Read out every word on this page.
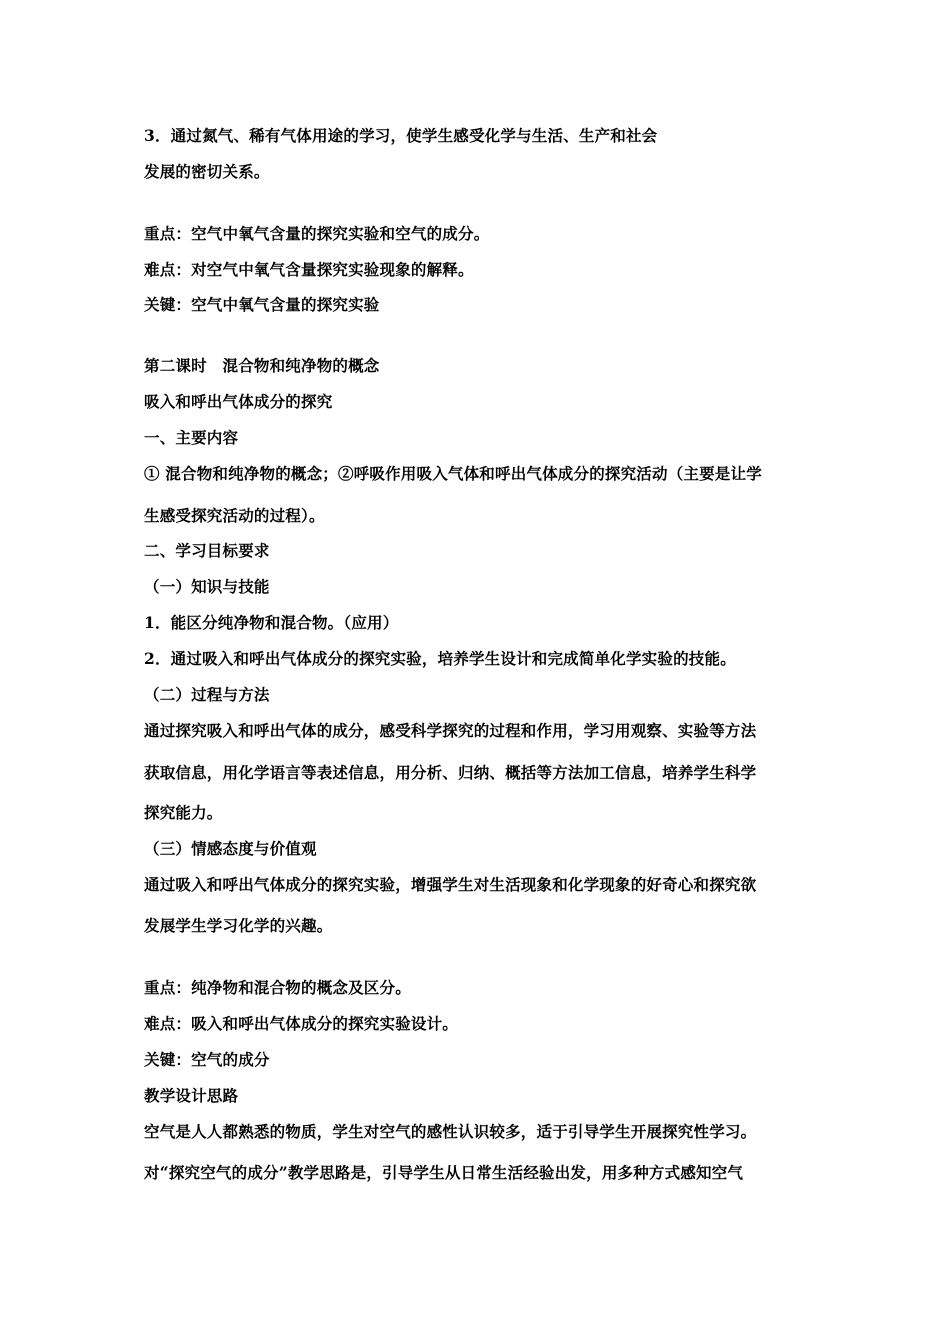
3．通过氮气、稀有气体用途的学习，使学生感受化学与生活、生产和社会
发展的密切关系。
重点：空气中氧气含量的探究实验和空气的成分。
难点：对空气中氧气含量探究实验现象的解释。
关键：空气中氧气含量的探究实验
第二课时　混合物和纯净物的概念
吸入和呼出气体成分的探究
一、主要内容
① 混合物和纯净物的概念；②呼吸作用吸入气体和呼出气体成分的探究活动（主要是让学
生感受探究活动的过程）。
二、学习目标要求
（一）知识与技能
1．能区分纯净物和混合物。（应用）
2．通过吸入和呼出气体成分的探究实验，培养学生设计和完成简单化学实验的技能。
（二）过程与方法
通过探究吸入和呼出气体的成分，感受科学探究的过程和作用，学习用观察、实验等方法
获取信息，用化学语言等表述信息，用分析、归纳、概括等方法加工信息，培养学生科学
探究能力。
（三）情感态度与价值观
通过吸入和呼出气体成分的探究实验，增强学生对生活现象和化学现象的好奇心和探究欲
发展学生学习化学的兴趣。
重点：纯净物和混合物的概念及区分。
难点：吸入和呼出气体成分的探究实验设计。
关键：空气的成分
教学设计思路
空气是人人都熟悉的物质，学生对空气的感性认识较多，适于引导学生开展探究性学习。
对“探究空气的成分”教学思路是，引导学生从日常生活经验出发，用多种方式感知空气
